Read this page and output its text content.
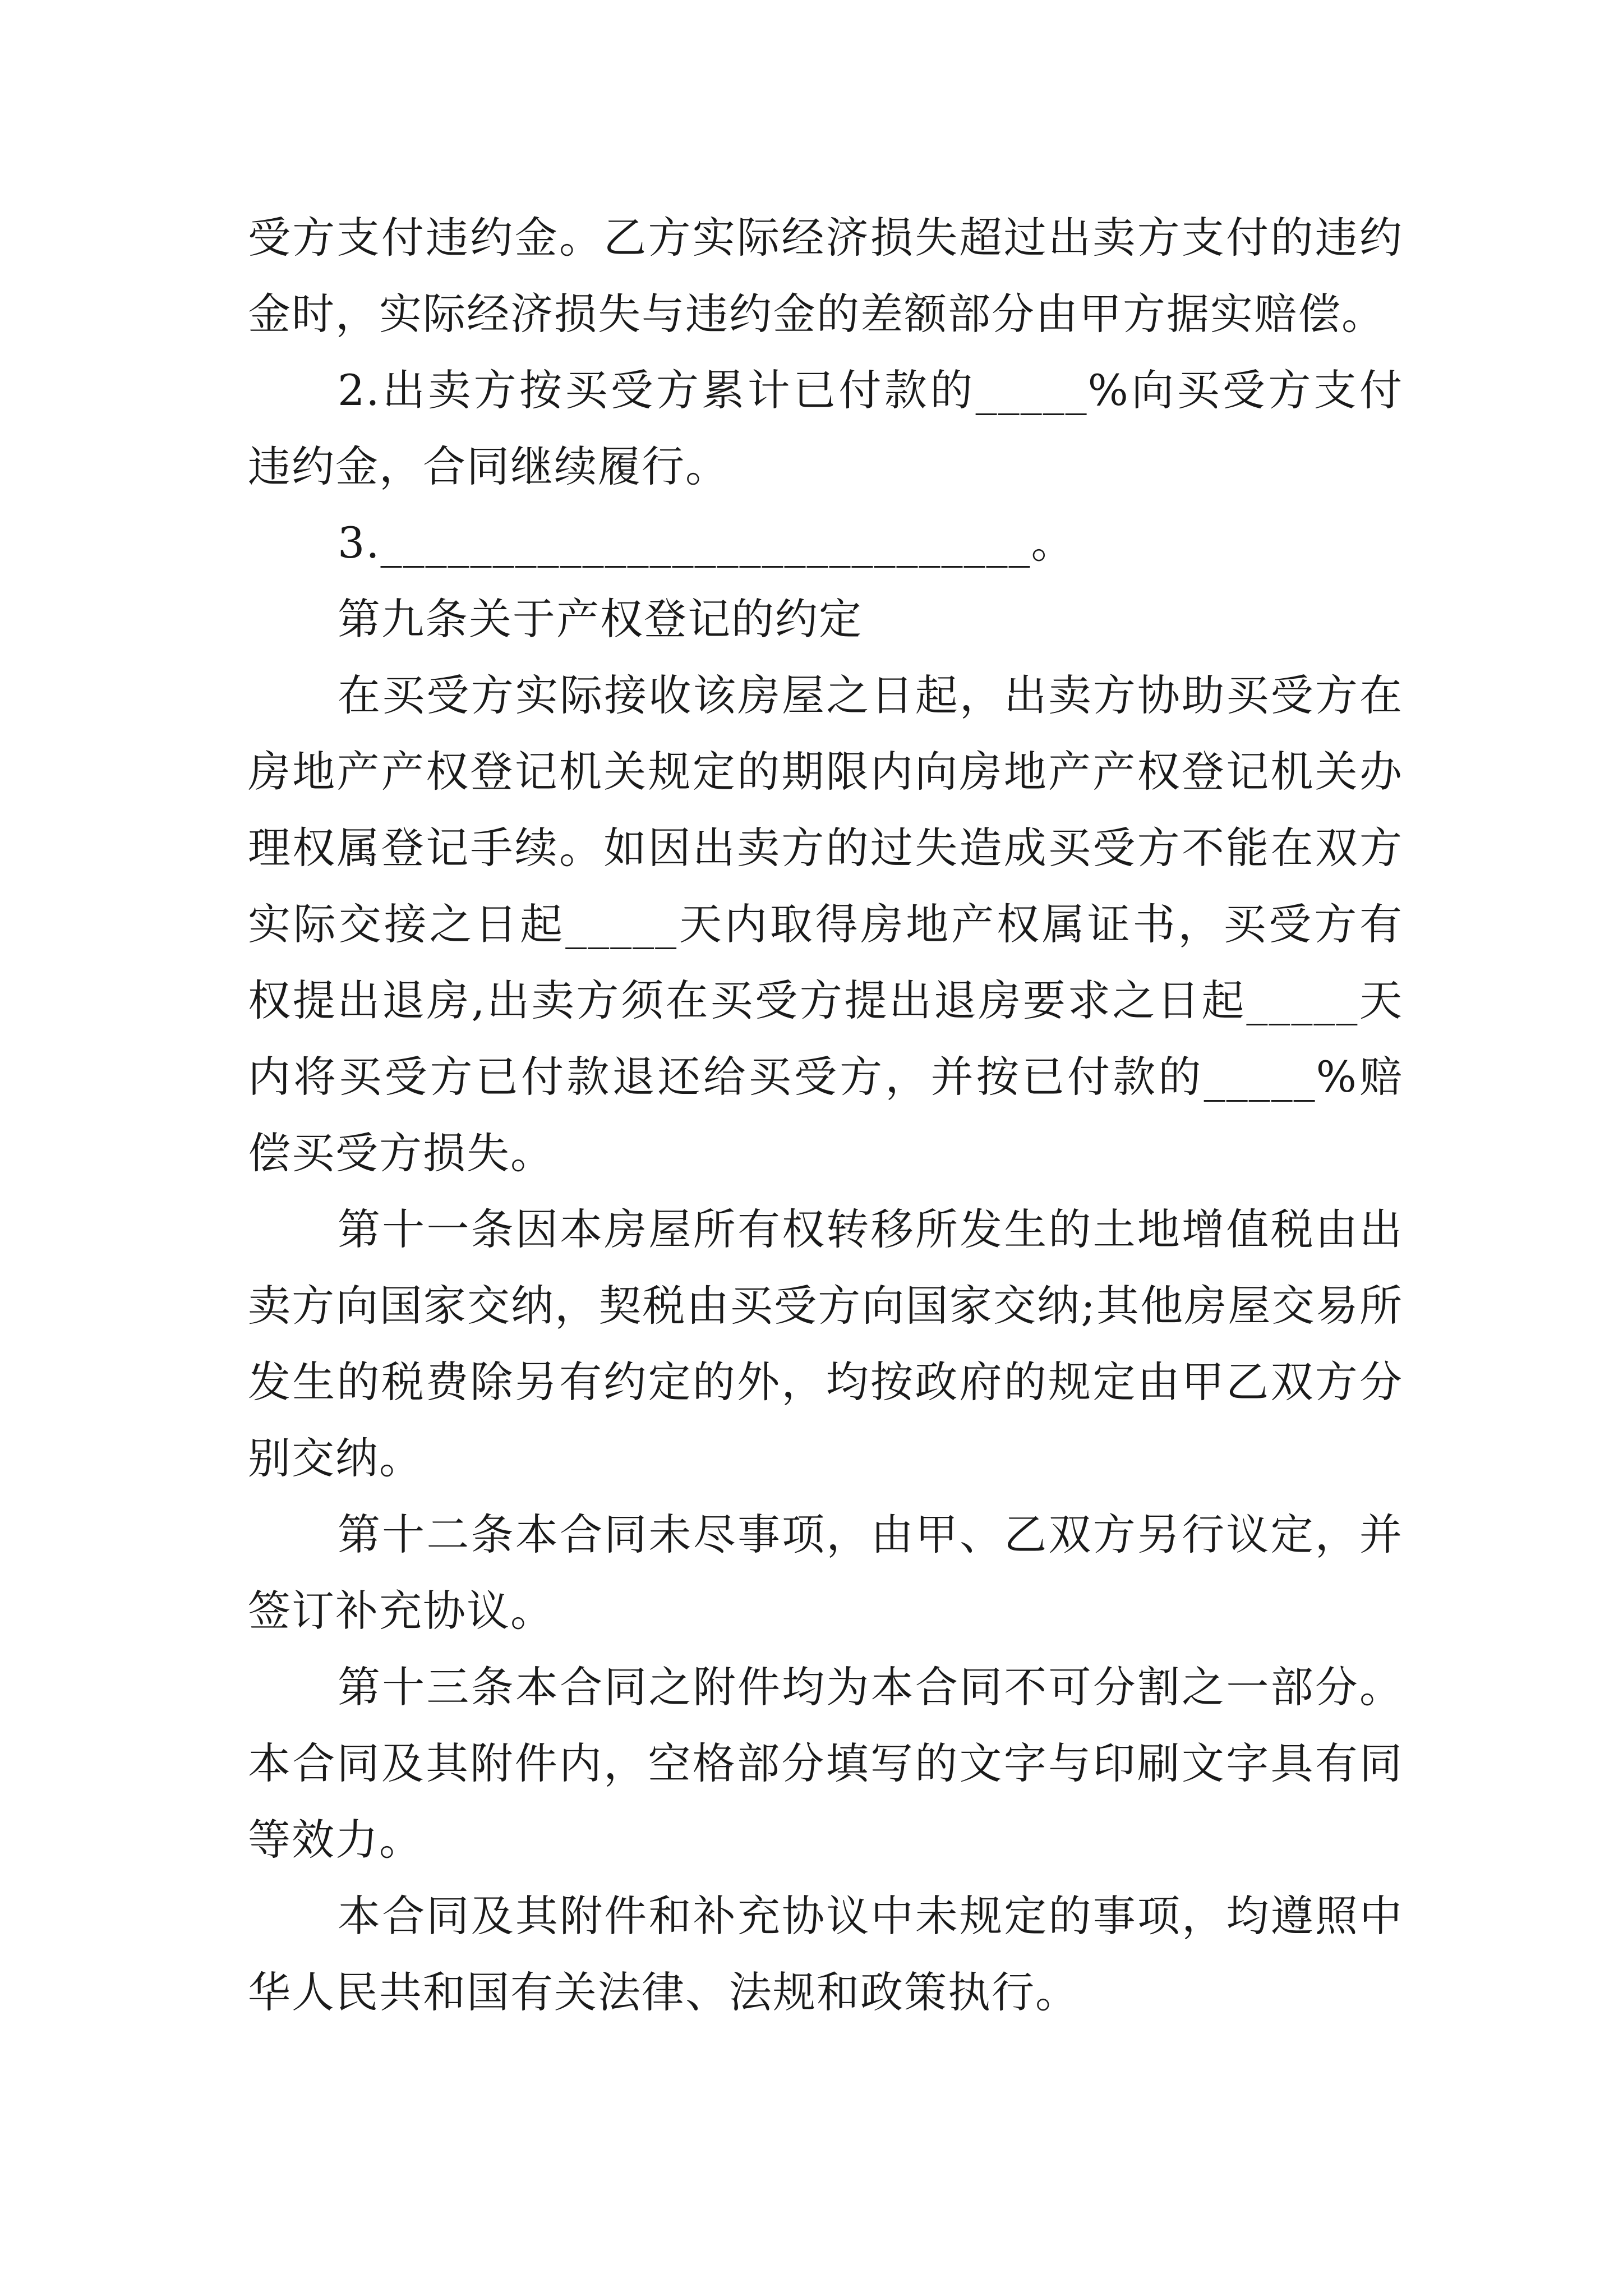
受方支付违约金。乙方实际经济损失超过出卖方支付的违约金时，实际经济损失与违约金的差额部分由甲方据实赔偿。

2.出卖方按买受方累计已付款的_____%向买受方支付违约金，合同继续履行。

3._____________________________。

第九条关于产权登记的约定

在买受方实际接收该房屋之日起，出卖方协助买受方在房地产产权登记机关规定的期限内向房地产产权登记机关办理权属登记手续。如因出卖方的过失造成买受方不能在双方实际交接之日起_____天内取得房地产权属证书，买受方有权提出退房,出卖方须在买受方提出退房要求之日起_____天内将买受方已付款退还给买受方，并按已付款的_____%赔偿买受方损失。

第十一条因本房屋所有权转移所发生的土地增值税由出卖方向国家交纳，契税由买受方向国家交纳;其他房屋交易所发生的税费除另有约定的外，均按政府的规定由甲乙双方分别交纳。

第十二条本合同未尽事项，由甲、乙双方另行议定，并签订补充协议。

第十三条本合同之附件均为本合同不可分割之一部分。本合同及其附件内，空格部分填写的文字与印刷文字具有同等效力。

本合同及其附件和补充协议中未规定的事项，均遵照中华人民共和国有关法律、法规和政策执行。
